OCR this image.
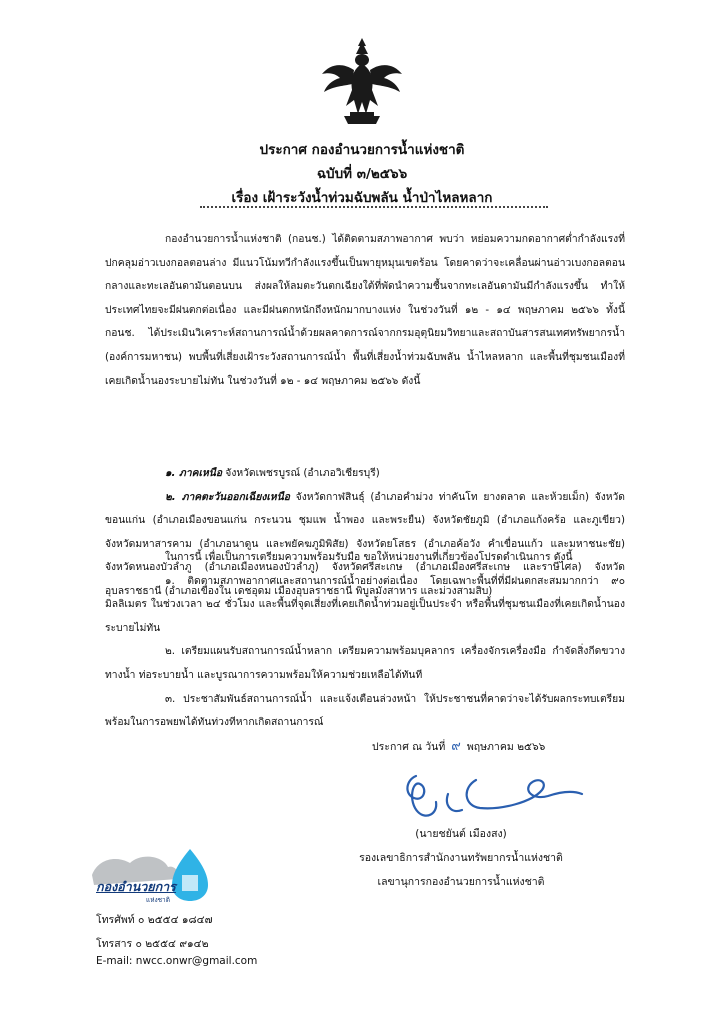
ประกาศ กองอำนวยการน้ำแห่งชาติ
ฉบับที่ ๓/๒๕๖๖
เรื่อง เฝ้าระวังน้ำท่วมฉับพลัน น้ำป่าไหลหลาก
กองอำนวยการน้ำแห่งชาติ (กอนช.) ได้ติดตามสภาพอากาศ พบว่า หย่อมความกดอากาศต่ำกำลังแรงที่ปกคลุมอ่าวเบงกอลตอนล่าง มีแนวโน้มทวีกำลังแรงขึ้นเป็นพายุหมุนเขตร้อน โดยคาดว่าจะเคลื่อนผ่านอ่าวเบงกอลตอนกลางและทะเลอันดามันตอนบน ส่งผลให้ลมตะวันตกเฉียงใต้ที่พัดนำความชื้นจากทะเลอันดามันมีกำลังแรงขึ้น ทำให้ประเทศไทยจะมีฝนตกต่อเนื่อง และมีฝนตกหนักถึงหนักมากบางแห่ง ในช่วงวันที่ ๑๒ - ๑๔ พฤษภาคม ๒๕๖๖ ทั้งนี้ กอนช. ได้ประเมินวิเคราะห์สถานการณ์น้ำด้วยผลคาดการณ์จากกรมอุตุนิยมวิทยาและสถาบันสารสนเทศทรัพยากรน้ำ (องค์การมหาชน) พบพื้นที่เสี่ยงเฝ้าระวังสถานการณ์น้ำ พื้นที่เสี่ยงน้ำท่วมฉับพลัน น้ำไหลหลาก และพื้นที่ชุมชนเมืองที่เคยเกิดน้ำนองระบายไม่ทัน ในช่วงวันที่ ๑๒ - ๑๔ พฤษภาคม ๒๕๖๖ ดังนี้

๑. ภาคเหนือ จังหวัดเพชรบูรณ์ (อำเภอวิเชียรบุรี)

๒. ภาคตะวันออกเฉียงเหนือ จังหวัดกาฬสินธุ์ (อำเภอคำม่วง ท่าคันโท ยางตลาด และห้วยเม็ก) จังหวัดขอนแก่น (อำเภอเมืองขอนแก่น กระนวน ชุมแพ น้ำพอง และพระยืน) จังหวัดชัยภูมิ (อำเภอแก้งคร้อ และภูเขียว) จังหวัดมหาสารคาม (อำเภอนาดูน และพยัคฆภูมิพิสัย) จังหวัดยโสธร (อำเภอค้อวัง คำเขื่อนแก้ว และมหาชนะชัย) จังหวัดหนองบัวลำภู (อำเภอเมืองหนองบัวลำภู) จังหวัดศรีสะเกษ (อำเภอเมืองศรีสะเกษ และราษีไศล) จังหวัดอุบลราชธานี (อำเภอเขื่องใน เดชอุดม เมืองอุบลราชธานี พิบูลมังสาหาร และม่วงสามสิบ)

ในการนี้ เพื่อเป็นการเตรียมความพร้อมรับมือ ขอให้หน่วยงานที่เกี่ยวข้องโปรดดำเนินการ ดังนี้

๑. ติดตามสภาพอากาศและสถานการณ์น้ำอย่างต่อเนื่อง โดยเฉพาะพื้นที่ที่มีฝนตกสะสมมากกว่า ๙๐ มิลลิเมตร ในช่วงเวลา ๒๔ ชั่วโมง และพื้นที่จุดเสี่ยงที่เคยเกิดน้ำท่วมอยู่เป็นประจำ หรือพื้นที่ชุมชนเมืองที่เคยเกิดน้ำนองระบายไม่ทัน

๒. เตรียมแผนรับสถานการณ์น้ำหลาก เตรียมความพร้อมบุคลากร เครื่องจักรเครื่องมือ กำจัดสิ่งกีดขวางทางน้ำ ท่อระบายน้ำ และบูรณาการความพร้อมให้ความช่วยเหลือได้ทันที

๓. ประชาสัมพันธ์สถานการณ์น้ำ และแจ้งเตือนล่วงหน้า ให้ประชาชนที่คาดว่าจะได้รับผลกระทบเตรียมพร้อมในการอพยพได้ทันท่วงทีหากเกิดสถานการณ์

ประกาศ ณ วันที่ ๙ พฤษภาคม ๒๕๖๖
(นายชยันต์ เมืองสง)
รองเลขาธิการสำนักงานทรัพยากรน้ำแห่งชาติ
เลขานุการกองอำนวยการน้ำแห่งชาติ
กองอำนวยการ
แห่งชาติ
โทรศัพท์ ๐ ๒๕๕๔ ๑๘๔๗
โทรสาร ๐ ๒๕๕๔ ๙๑๔๒
E-mail: nwcc.onwr@gmail.com
